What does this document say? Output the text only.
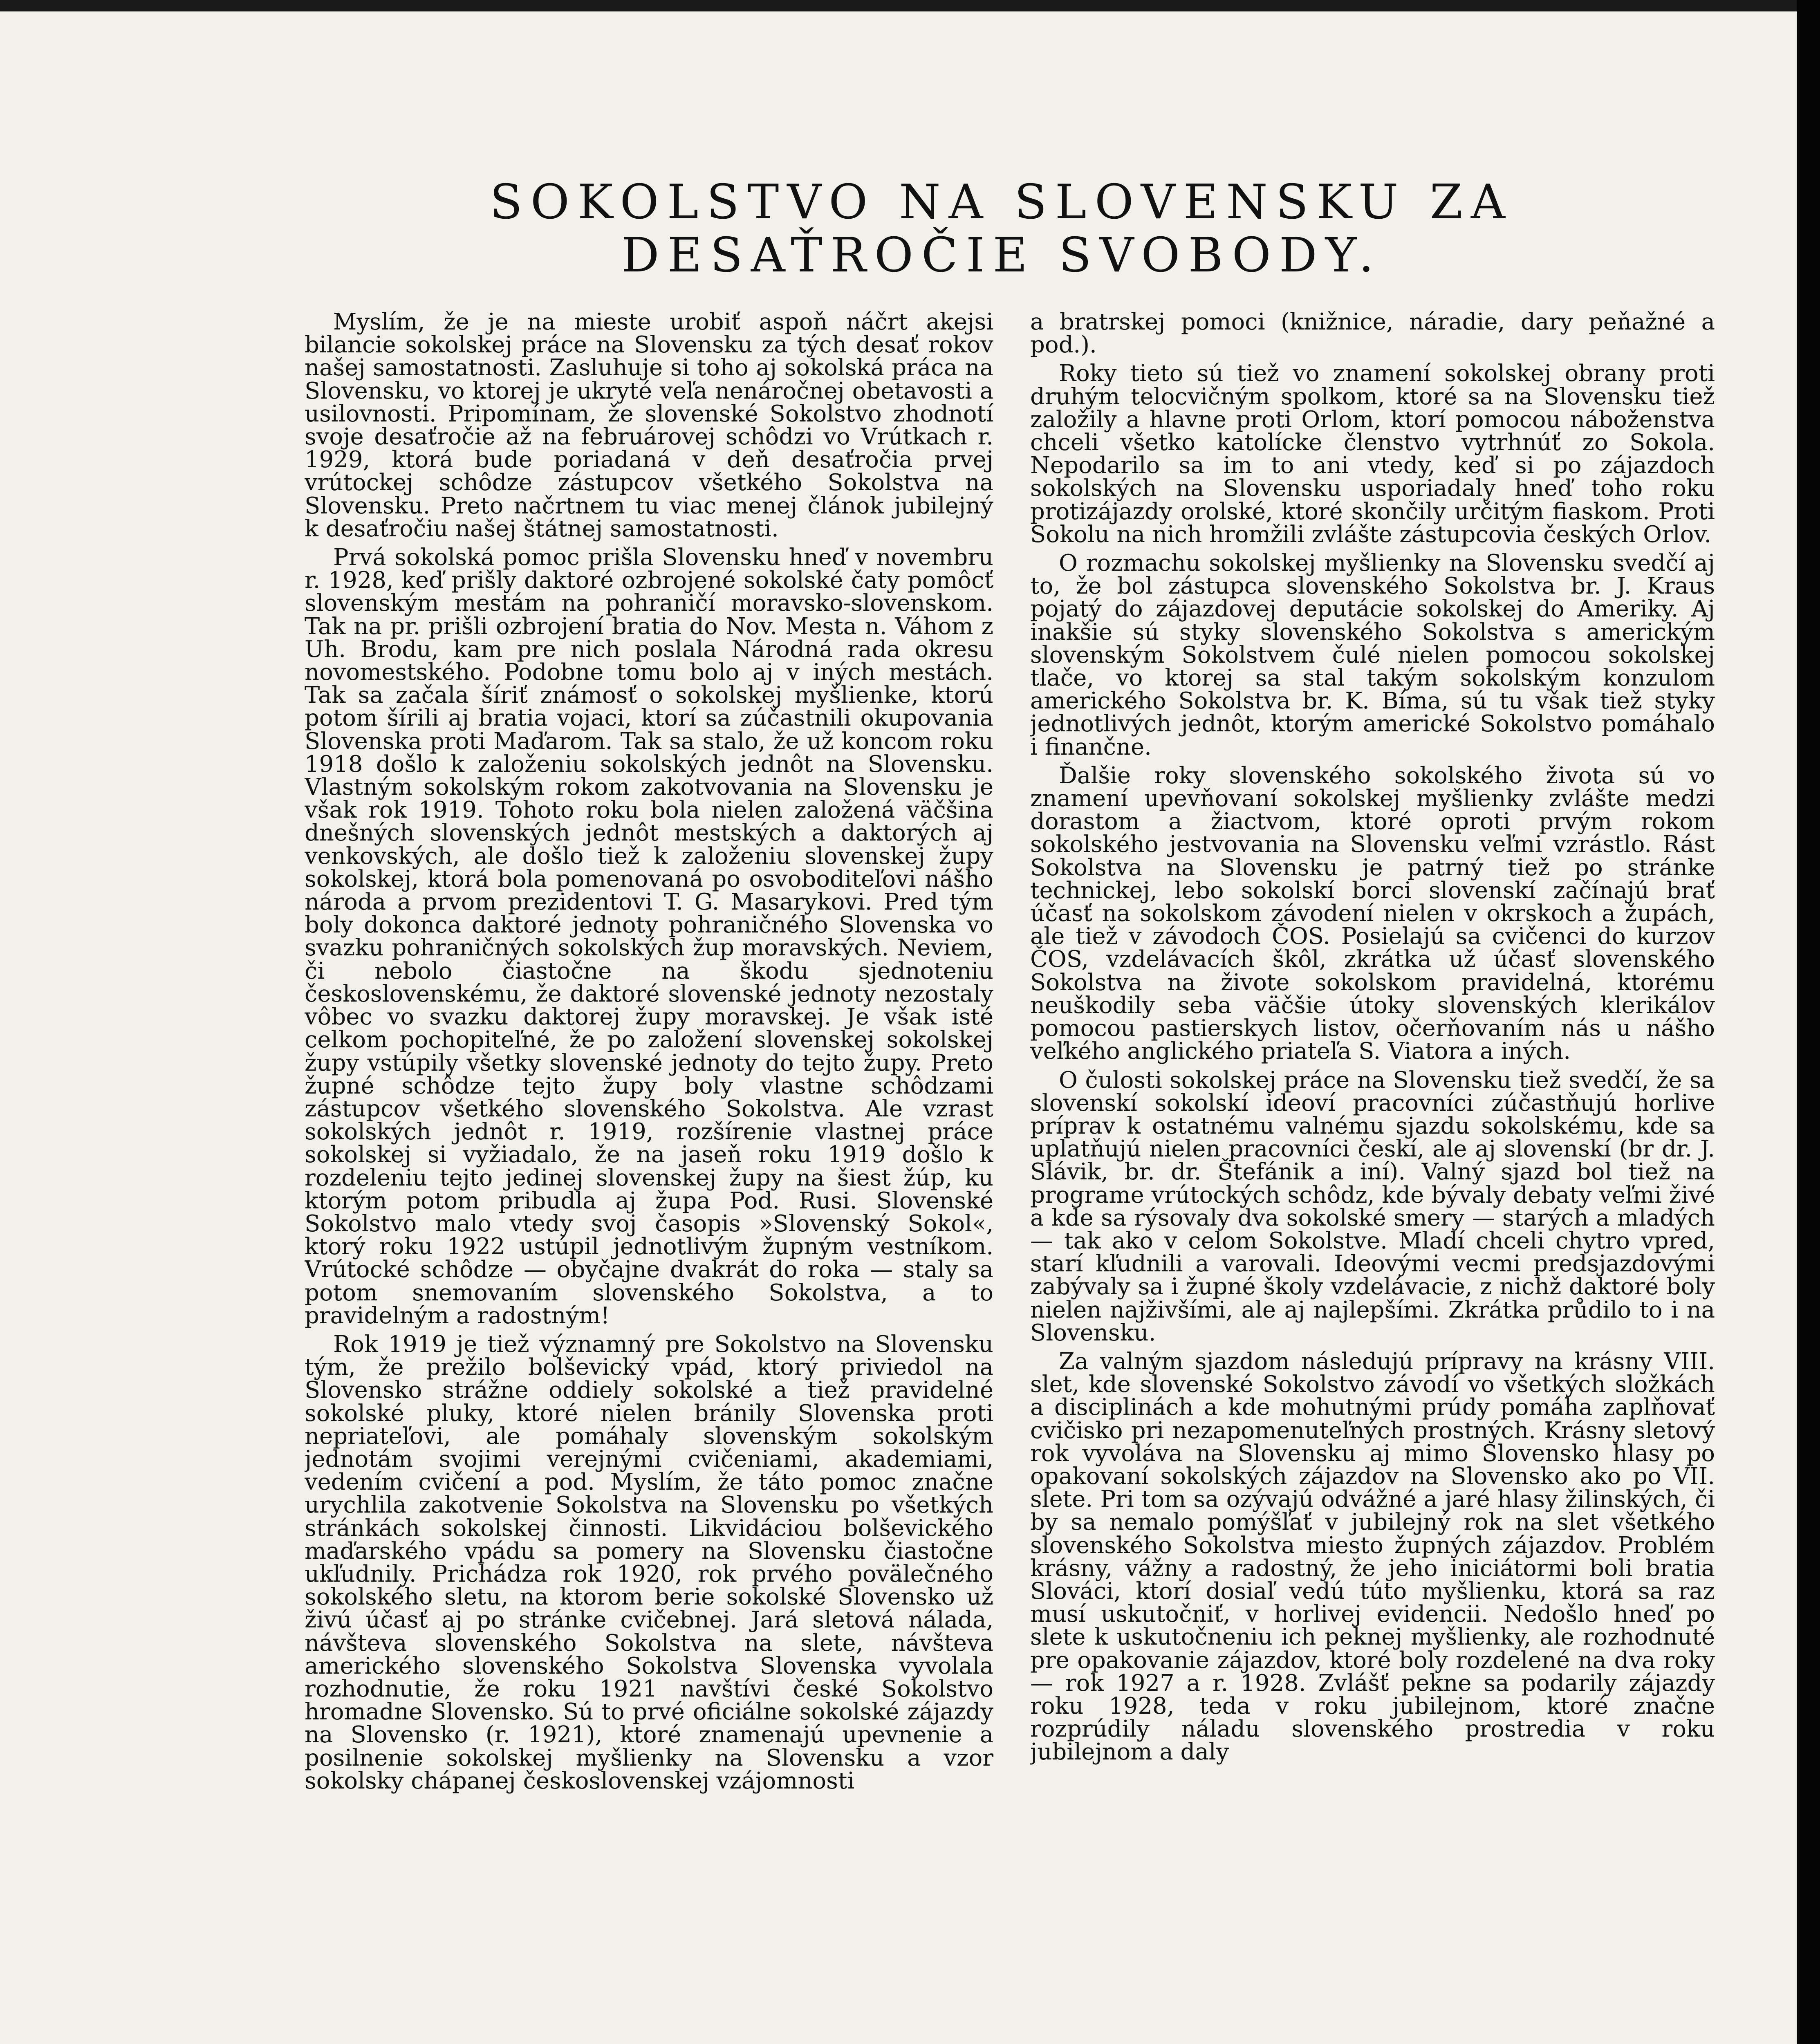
SOKOLSTVO NA SLOVENSKU ZA DESAŤROČIE SVOBODY.

Myslím, že je na mieste urobiť aspoň náčrt akejsi bilancie sokolskej práce na Slovensku za tých desať rokov našej samostatnosti. Zasluhuje si toho aj sokolská práca na Slovensku, vo ktorej je ukryté veľa nenáročnej obetavosti a usilovnosti. Pripomínam, že slovenské Sokolstvo zhodnotí svoje desaťročie až na februárovej schôdzi vo Vrútkach r. 1929, ktorá bude poriadaná v deň desaťročia prvej vrútockej schôdze zástupcov všetkého Sokolstva na Slovensku. Preto načrtnem tu viac menej článok jubilejný k desaťročiu našej štátnej samostatnosti.

Prvá sokolská pomoc prišla Slovensku hneď v novembru r. 1928, keď prišly daktoré ozbrojené sokolské čaty pomôcť slovenským mestám na pohraničí moravsko-slovenskom. Tak na pr. prišli ozbrojení bratia do Nov. Mesta n. Váhom z Uh. Brodu, kam pre nich poslala Národná rada okresu novomestského. Podobne tomu bolo aj v iných mestách. Tak sa začala šíriť známosť o sokolskej myšlienke, ktorú potom šírili aj bratia vojaci, ktorí sa zúčastnili okupovania Slovenska proti Maďarom. Tak sa stalo, že už koncom roku 1918 došlo k založeniu sokolských jednôt na Slovensku. Vlastným sokolským rokom zakotvovania na Slovensku je však rok 1919. Tohoto roku bola nielen založená väčšina dnešných slovenských jednôt mestských a daktorých aj venkovských, ale došlo tiež k založeniu slovenskej župy sokolskej, ktorá bola pomenovaná po osvoboditeľovi nášho národa a prvom prezidentovi T. G. Masarykovi. Pred tým boly dokonca daktoré jednoty pohraničného Slovenska vo svazku pohraničných sokolských žup moravských. Neviem, či nebolo čiastočne na škodu sjednoteniu československému, že daktoré slovenské jednoty nezostaly vôbec vo svazku daktorej župy moravskej. Je však isté celkom pochopiteľné, že po založení slovenskej sokolskej župy vstúpily všetky slovenské jednoty do tejto župy. Preto župné schôdze tejto župy boly vlastne schôdzami zástupcov všetkého slovenského Sokolstva. Ale vzrast sokolských jednôt r. 1919, rozšírenie vlastnej práce sokolskej si vyžiadalo, že na jaseň roku 1919 došlo k rozdeleniu tejto jedinej slovenskej župy na šiest žúp, ku ktorým potom pribudla aj župa Pod. Rusi. Slovenské Sokolstvo malo vtedy svoj časopis »Slovenský Sokol«, ktorý roku 1922 ustúpil jednotlivým župným vestníkom. Vrútocké schôdze — obyčajne dvakrát do roka — staly sa potom snemovaním slovenského Sokolstva, a to pravidelným a radostným!

Rok 1919 je tiež významný pre Sokolstvo na Slovensku tým, že prežilo bolševický vpád, ktorý priviedol na Slovensko strážne oddiely sokolské a tiež pravidelné sokolské pluky, ktoré nielen bránily Slovenska proti nepriateľovi, ale pomáhaly slovenským sokolským jednotám svojimi verejnými cvičeniami, akademiami, vedením cvičení a pod. Myslím, že táto pomoc značne urychlila zakotvenie Sokolstva na Slovensku po všetkých stránkách sokolskej činnosti. Likvidáciou bolševického maďarského vpádu sa pomery na Slovensku čiastočne ukľudnily. Prichádza rok 1920, rok prvého povälečného sokolského sletu, na ktorom berie sokolské Slovensko už živú účasť aj po stránke cvičebnej. Jará sletová nálada, návšteva slovenského Sokolstva na slete, návšteva amerického slovenského Sokolstva Slovenska vyvolala rozhodnutie, že roku 1921 navštívi české Sokolstvo hromadne Slovensko. Sú to prvé oficiálne sokolské zájazdy na Slovensko (r. 1921), ktoré znamenajú upevnenie a posilnenie sokolskej myšlienky na Slovensku a vzor sokolsky chápanej československej vzájomnosti

a bratrskej pomoci (knižnice, náradie, dary peňažné a pod.).

Roky tieto sú tiež vo znamení sokolskej obrany proti druhým telocvičným spolkom, ktoré sa na Slovensku tiež založily a hlavne proti Orlom, ktorí pomocou náboženstva chceli všetko katolícke členstvo vytrhnúť zo Sokola. Nepodarilo sa im to ani vtedy, keď si po zájazdoch sokolských na Slovensku usporiadaly hneď toho roku protizájazdy orolské, ktoré skončily určitým fiaskom. Proti Sokolu na nich hromžili zvlášte zástupcovia českých Orlov.

O rozmachu sokolskej myšlienky na Slovensku svedčí aj to, že bol zástupca slovenského Sokolstva br. J. Kraus pojatý do zájazdovej deputácie sokolskej do Ameriky. Aj inakšie sú styky slovenského Sokolstva s americkým slovenským Sokolstvem čulé nielen pomocou sokolskej tlače, vo ktorej sa stal takým sokolským konzulom amerického Sokolstva br. K. Bíma, sú tu však tiež styky jednotlivých jednôt, ktorým americké Sokolstvo pomáhalo i finančne.

Ďalšie roky slovenského sokolského života sú vo znamení upevňovaní sokolskej myšlienky zvlášte medzi dorastom a žiactvom, ktoré oproti prvým rokom sokolského jestvovania na Slovensku veľmi vzrástlo. Rást Sokolstva na Slovensku je patrný tiež po stránke technickej, lebo sokolskí borci slovenskí začínajú brať účasť na sokolskom závodení nielen v okrskoch a župách, ale tiež v závodoch ČOS. Posielajú sa cvičenci do kurzov ČOS, vzdelávacích škôl, zkrátka už účasť slovenského Sokolstva na živote sokolskom pravidelná, ktorému neuškodily seba väčšie útoky slovenských klerikálov pomocou pastierskych listov, očerňovaním nás u nášho veľkého anglického priateľa S. Viatora a iných.

O čulosti sokolskej práce na Slovensku tiež svedčí, že sa slovenskí sokolskí ideoví pracovníci zúčastňujú horlive príprav k ostatnému valnému sjazdu sokolskému, kde sa uplatňujú nielen pracovníci českí, ale aj slovenskí (br dr. J. Slávik, br. dr. Štefánik a iní). Valný sjazd bol tiež na programe vrútockých schôdz, kde bývaly debaty veľmi živé a kde sa rýsovaly dva sokolské smery — starých a mladých — tak ako v celom Sokolstve. Mladí chceli chytro vpred, starí kľudnili a varovali. Ideovými vecmi predsjazdovými zabývaly sa i župné školy vzdelávacie, z nichž daktoré boly nielen najživšími, ale aj najlepšími. Zkrátka průdilo to i na Slovensku.

Za valným sjazdom následujú prípravy na krásny VIII. slet, kde slovenské Sokolstvo závodí vo všetkých složkách a disciplinách a kde mohutnými prúdy pomáha zaplňovať cvičisko pri nezapomenuteľných prostných. Krásny sletový rok vyvoláva na Slovensku aj mimo Slovensko hlasy po opakovaní sokolských zájazdov na Slovensko ako po VII. slete. Pri tom sa ozývajú odvážné a jaré hlasy žilinských, či by sa nemalo pomýšľať v jubilejný rok na slet všetkého slovenského Sokolstva miesto župných zájazdov. Problém krásny, vážny a radostný, že jeho iniciátormi boli bratia Slováci, ktorí dosiaľ vedú túto myšlienku, ktorá sa raz musí uskutočniť, v horlivej evidencii. Nedošlo hneď po slete k uskutočneniu ich peknej myšlienky, ale rozhodnuté pre opakovanie zájazdov, ktoré boly rozdelené na dva roky — rok 1927 a r. 1928. Zvlášť pekne sa podarily zájazdy roku 1928, teda v roku jubilejnom, ktoré značne rozprúdily náladu slovenského prostredia v roku jubilejnom a daly
